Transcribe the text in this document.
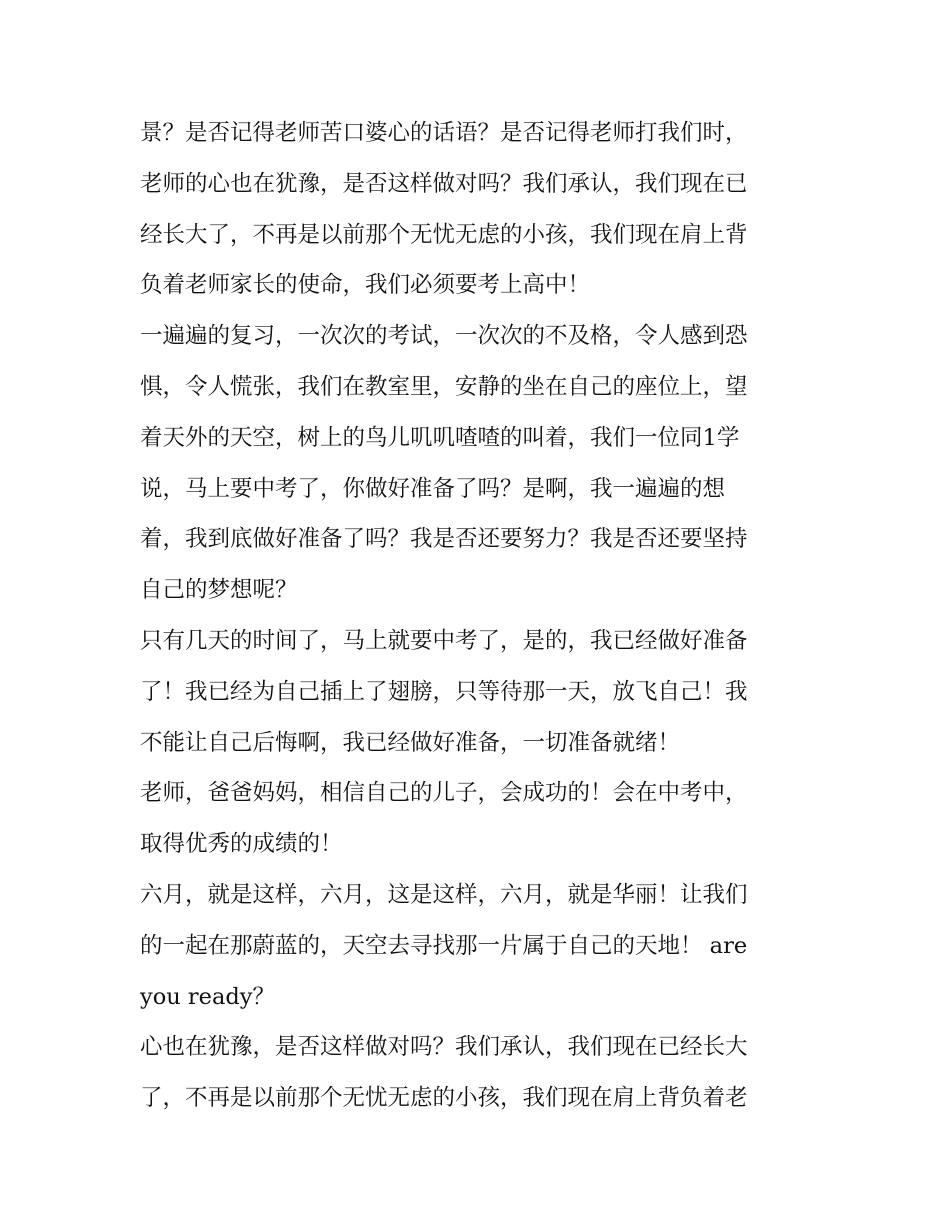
景？是否记得老师苦口婆心的话语？是否记得老师打我们时，
老师的心也在犹豫，是否这样做对吗？我们承认，我们现在已
经长大了，不再是以前那个无忧无虑的小孩，我们现在肩上背
负着老师家长的使命，我们必须要考上高中！
一遍遍的复习，一次次的考试，一次次的不及格，令人感到恐
惧，令人慌张，我们在教室里，安静的坐在自己的座位上，望
着天外的天空，树上的鸟儿叽叽喳喳的叫着，我们一位同1学
说，马上要中考了，你做好准备了吗？是啊，我一遍遍的想
着，我到底做好准备了吗？我是否还要努力？我是否还要坚持
自己的梦想呢？
只有几天的时间了，马上就要中考了，是的，我已经做好准备
了！我已经为自己插上了翅膀，只等待那一天，放飞自己！我
不能让自己后悔啊，我已经做好准备，一切准备就绪！
老师，爸爸妈妈，相信自己的儿子，会成功的！会在中考中，
取得优秀的成绩的！
六月，就是这样，六月，这是这样，六月，就是华丽！让我们
的一起在那蔚蓝的，天空去寻找那一片属于自己的天地！ are
you ready？
心也在犹豫，是否这样做对吗？我们承认，我们现在已经长大
了，不再是以前那个无忧无虑的小孩，我们现在肩上背负着老
